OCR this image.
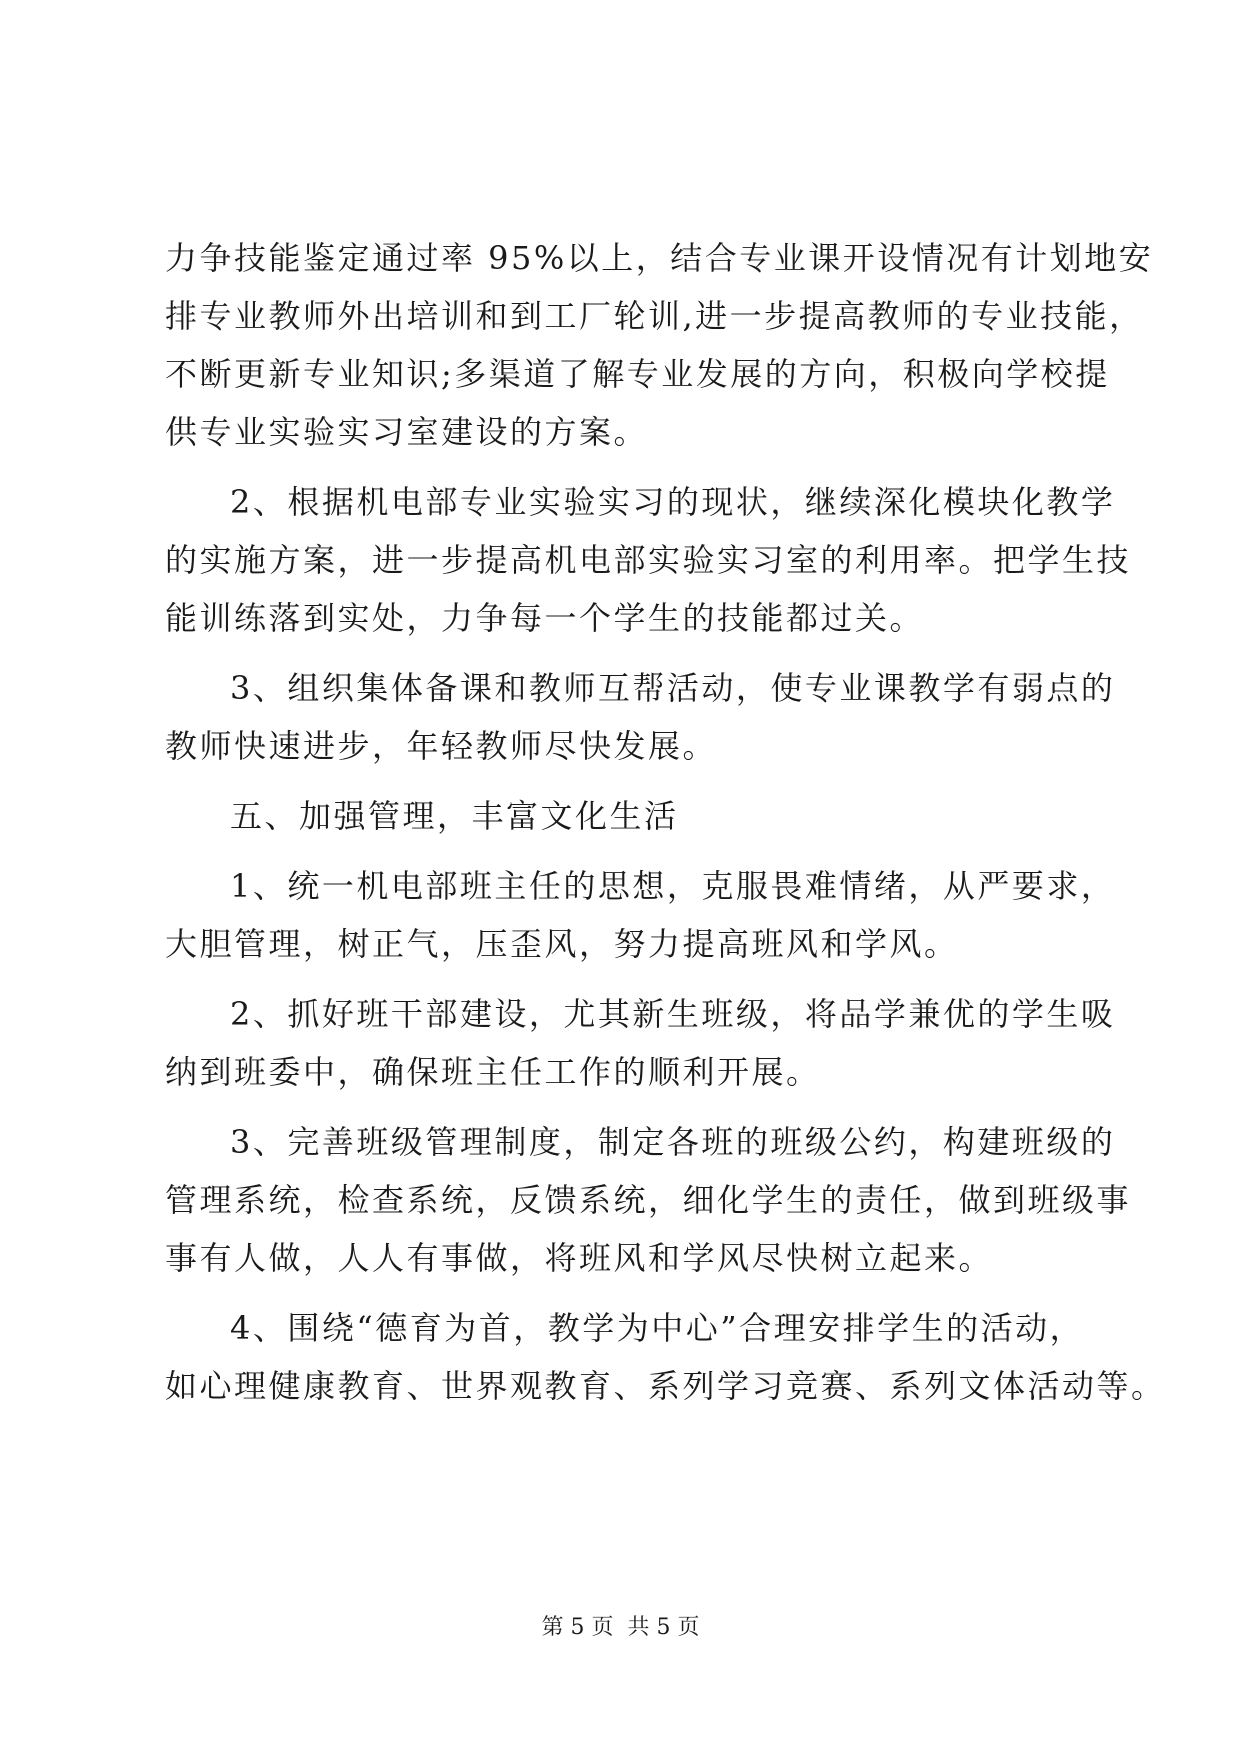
力争技能鉴定通过率 95%以上，结合专业课开设情况有计划地安
排专业教师外出培训和到工厂轮训,进一步提高教师的专业技能，
不断更新专业知识;多渠道了解专业发展的方向，积极向学校提
供专业实验实习室建设的方案。
2、根据机电部专业实验实习的现状，继续深化模块化教学
的实施方案，进一步提高机电部实验实习室的利用率。把学生技
能训练落到实处，力争每一个学生的技能都过关。
3、组织集体备课和教师互帮活动，使专业课教学有弱点的
教师快速进步，年轻教师尽快发展。
五、加强管理，丰富文化生活
1、统一机电部班主任的思想，克服畏难情绪，从严要求，
大胆管理，树正气，压歪风，努力提高班风和学风。
2、抓好班干部建设，尤其新生班级，将品学兼优的学生吸
纳到班委中，确保班主任工作的顺利开展。
3、完善班级管理制度，制定各班的班级公约，构建班级的
管理系统，检查系统，反馈系统，细化学生的责任，做到班级事
事有人做，人人有事做，将班风和学风尽快树立起来。
4、围绕“德育为首，教学为中心”合理安排学生的活动，
如心理健康教育、世界观教育、系列学习竞赛、系列文体活动等。
第 5 页  共 5 页
